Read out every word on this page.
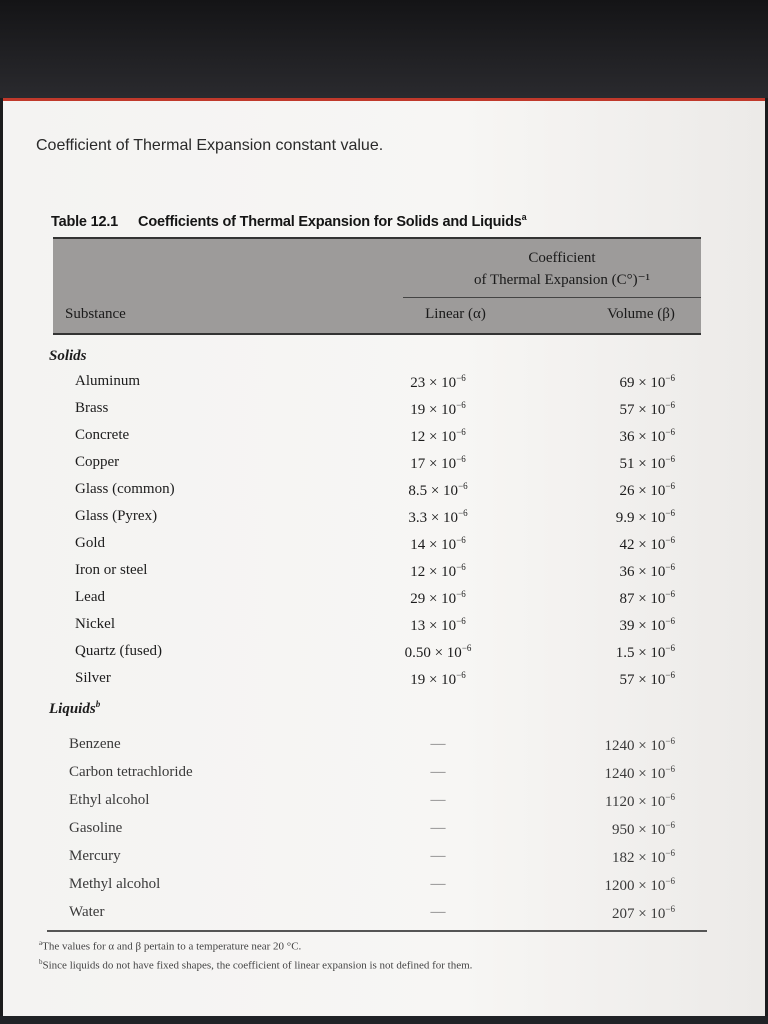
Coefficient of Thermal Expansion constant value.
Table 12.1 Coefficients of Thermal Expansion for Solids and Liquids$^a$
Coefficient
of Thermal Expansion (C°)⁻¹
Substance	Linear (α)	Volume (β)
Solids
Aluminum	$23 \times 10^{-6}$	$69 \times 10^{-6}$
Brass	$19 \times 10^{-6}$	$57 \times 10^{-6}$
Concrete	$12 \times 10^{-6}$	$36 \times 10^{-6}$
Copper	$17 \times 10^{-6}$	$51 \times 10^{-6}$
Glass (common)	$8.5 \times 10^{-6}$	$26 \times 10^{-6}$
Glass (Pyrex)	$3.3 \times 10^{-6}$	$9.9 \times 10^{-6}$
Gold	$14 \times 10^{-6}$	$42 \times 10^{-6}$
Iron or steel	$12 \times 10^{-6}$	$36 \times 10^{-6}$
Lead	$29 \times 10^{-6}$	$87 \times 10^{-6}$
Nickel	$13 \times 10^{-6}$	$39 \times 10^{-6}$
Quartz (fused)	$0.50 \times 10^{-6}$	$1.5 \times 10^{-6}$
Silver	$19 \times 10^{-6}$	$57 \times 10^{-6}$
Liquids$^b$
Benzene	—	$1240 \times 10^{-6}$
Carbon tetrachloride	—	$1240 \times 10^{-6}$
Ethyl alcohol	—	$1120 \times 10^{-6}$
Gasoline	—	$950 \times 10^{-6}$
Mercury	—	$182 \times 10^{-6}$
Methyl alcohol	—	$1200 \times 10^{-6}$
Water	—	$207 \times 10^{-6}$
$^a$The values for α and β pertain to a temperature near 20 °C.
$^b$Since liquids do not have fixed shapes, the coefficient of linear expansion is not defined for them.
